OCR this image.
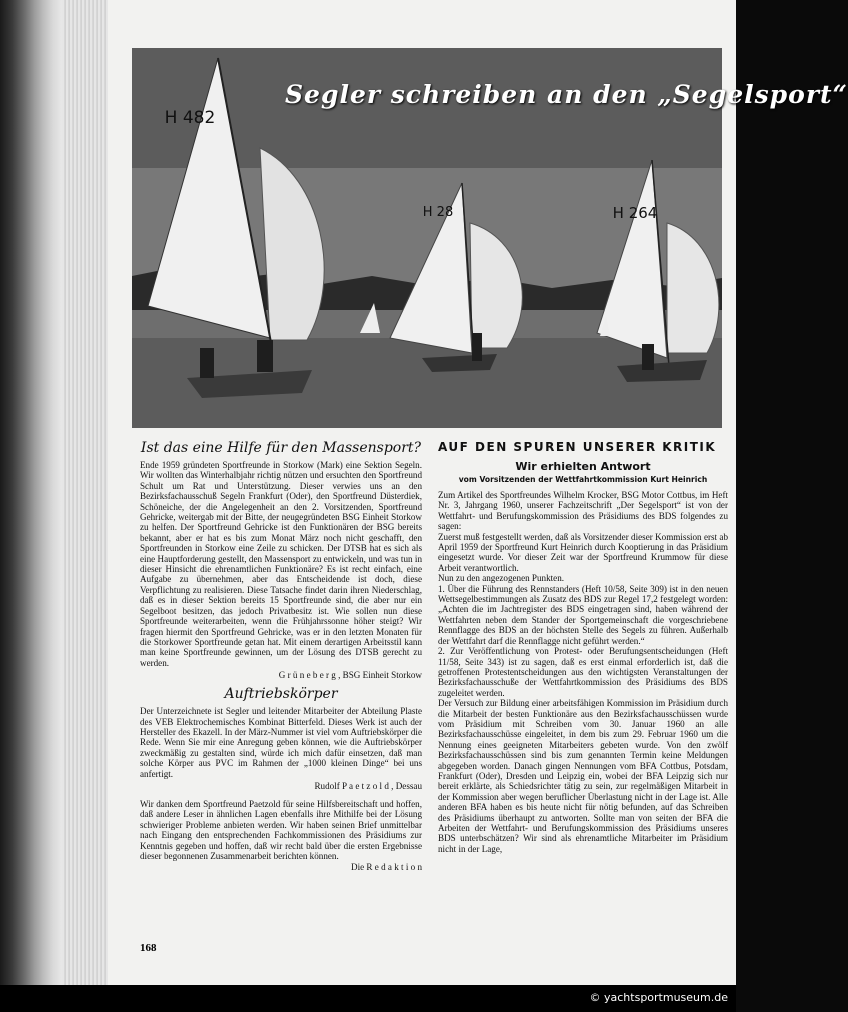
H 482
H 28	H 264
Segler schreiben an den „Segelsport“

Ist das eine Hilfe für den Massensport?

Ende 1959 gründeten Sportfreunde in Storkow (Mark) eine Sektion Segeln. Wir wollten das Winterhalbjahr richtig nützen und ersuchten den Sportfreund Schult um Rat und Unterstützung. Dieser verwies uns an den Bezirksfachausschuß Segeln Frankfurt (Oder), den Sportfreund Düsterdiek, Schöneiche, der die Angelegenheit an den 2. Vorsitzenden, Sportfreund Gehricke, weitergab mit der Bitte, der neugegründeten BSG Einheit Storkow zu helfen. Der Sportfreund Gehricke ist den Funktionären der BSG bereits bekannt, aber er hat es bis zum Monat März noch nicht geschafft, den Sportfreunden in Storkow eine Zeile zu schicken. Der DTSB hat es sich als eine Hauptforderung gestellt, den Massensport zu entwickeln, und was tun in dieser Hinsicht die ehrenamtlichen Funktionäre? Es ist recht einfach, eine Aufgabe zu übernehmen, aber das Entscheidende ist doch, diese Verpflichtung zu realisieren. Diese Tatsache findet darin ihren Niederschlag, daß es in dieser Sektion bereits 15 Sportfreunde sind, die aber nur ein Segelboot besitzen, das jedoch Privatbesitz ist. Wie sollen nun diese Sportfreunde weiterarbeiten, wenn die Frühjahrssonne höher steigt? Wir fragen hiermit den Sportfreund Gehricke, was er in den letzten Monaten für die Storkower Sportfreunde getan hat. Mit einem derartigen Arbeitsstil kann man keine Sportfreunde gewinnen, um der Lösung des DTSB gerecht zu werden.

G r ü n e b e r g , BSG Einheit Storkow

Auftriebskörper

Der Unterzeichnete ist Segler und leitender Mitarbeiter der Abteilung Plaste des VEB Elektrochemisches Kombinat Bitterfeld. Dieses Werk ist auch der Hersteller des Ekazell. In der März-Nummer ist viel vom Auftriebskörper die Rede. Wenn Sie mir eine Anregung geben können, wie die Auftriebskörper zweckmäßig zu gestalten sind, würde ich mich dafür einsetzen, daß man solche Körper aus PVC im Rahmen der „1000 kleinen Dinge“ bei uns anfertigt.

Rudolf P a e t z o l d , Dessau

Wir danken dem Sportfreund Paetzold für seine Hilfsbereitschaft und hoffen, daß andere Leser in ähnlichen Lagen ebenfalls ihre Mithilfe bei der Lösung schwieriger Probleme anbieten werden. Wir haben seinen Brief unmittelbar nach Eingang den entsprechenden Fachkommissionen des Präsidiums zur Kenntnis gegeben und hoffen, daß wir recht bald über die ersten Ergebnisse dieser begonnenen Zusammenarbeit berichten können.

Die R e d a k t i o n

AUF DEN SPUREN UNSERER KRITIK

Wir erhielten Antwort

vom Vorsitzenden der Wettfahrtkommission Kurt Heinrich

Zum Artikel des Sportfreundes Wilhelm Krocker, BSG Motor Cottbus, im Heft Nr. 3, Jahrgang 1960, unserer Fachzeitschrift „Der Segelsport“ ist von der Wettfahrt- und Berufungskommission des Präsidiums des BDS folgendes zu sagen:

Zuerst muß festgestellt werden, daß als Vorsitzender dieser Kommission erst ab April 1959 der Sportfreund Kurt Heinrich durch Kooptierung in das Präsidium eingesetzt wurde. Vor dieser Zeit war der Sportfreund Krummow für diese Arbeit verantwortlich.

Nun zu den angezogenen Punkten.

1. Über die Führung des Rennstanders (Heft 10/58, Seite 309) ist in den neuen Wettsegelbestimmungen als Zusatz des BDS zur Regel 17,2 festgelegt worden: „Achten die im Jachtregister des BDS eingetragen sind, haben während der Wettfahrten neben dem Stander der Sportgemeinschaft die vorgeschriebene Rennflagge des BDS an der höchsten Stelle des Segels zu führen. Außerhalb der Wettfahrt darf die Rennflagge nicht geführt werden.“

2. Zur Veröffentlichung von Protest- oder Berufungsentscheidungen (Heft 11/58, Seite 343) ist zu sagen, daß es erst einmal erforderlich ist, daß die getroffenen Protestentscheidungen aus den wichtigsten Veranstaltungen der Bezirksfachausschuße der Wettfahrtkommission des Präsidiums des BDS zugeleitet werden.

Der Versuch zur Bildung einer arbeitsfähigen Kommission im Präsidium durch die Mitarbeit der besten Funktionäre aus den Bezirksfachausschüssen wurde vom Präsidium mit Schreiben vom 30. Januar 1960 an alle Bezirksfachausschüsse eingeleitet, in dem bis zum 29. Februar 1960 um die Nennung eines geeigneten Mitarbeiters gebeten wurde. Von den zwölf Bezirksfachausschüssen sind bis zum genannten Termin keine Meldungen abgegeben worden. Danach gingen Nennungen vom BFA Cottbus, Potsdam, Frankfurt (Oder), Dresden und Leipzig ein, wobei der BFA Leipzig sich nur bereit erklärte, als Schiedsrichter tätig zu sein, zur regelmäßigen Mitarbeit in der Kommission aber wegen beruflicher Überlastung nicht in der Lage ist. Alle anderen BFA haben es bis heute nicht für nötig befunden, auf das Schreiben des Präsidiums überhaupt zu antworten. Sollte man von seiten der BFA die Arbeiten der Wettfahrt- und Berufungskommission des Präsidiums unseres BDS unterbschätzen? Wir sind als ehrenamtliche Mitarbeiter im Präsidium nicht in der Lage,

168
© yachtsportmuseum.de
